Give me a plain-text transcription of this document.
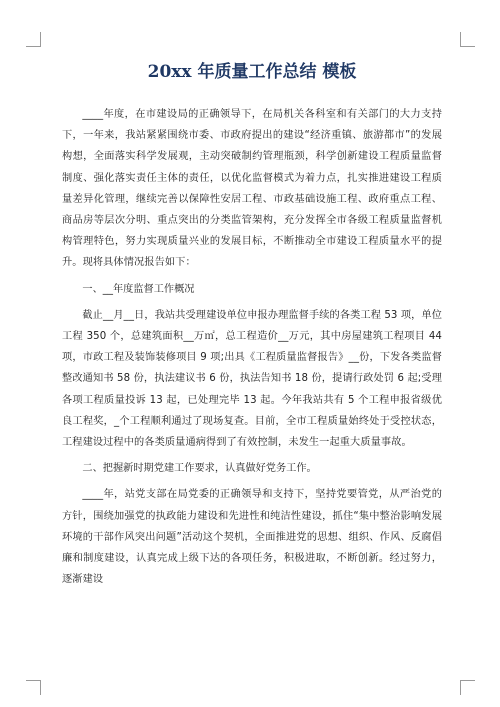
20xx 年质量工作总结 模板
____年度，在市建设局的正确领导下，在局机关各科室和有关部门的大力支持下，一年来，我站紧紧围绕市委、市政府提出的建设“经济重镇、旅游都市”的发展构想，全面落实科学发展观，主动突破制约管理瓶颈，科学创新建设工程质量监督制度、强化落实责任主体的责任，以优化监督模式为着力点，扎实推进建设工程质量差异化管理，继续完善以保障性安居工程、市政基础设施工程、政府重点工程、商品房等层次分明、重点突出的分类监管架构，充分发挥全市各级工程质量监督机构管理特色，努力实现质量兴业的发展目标，不断推动全市建设工程质量水平的提升。现将具体情况报告如下：
一、__年度监督工作概况
截止__月__日，我站共受理建设单位申报办理监督手续的各类工程 53 项，单位工程 350 个，总建筑面积__万㎡，总工程造价__万元，其中房屋建筑工程项目 44 项，市政工程及装饰装修项目 9 项;出具《工程质量监督报告》__份，下发各类监督整改通知书 58 份，执法建议书 6 份，执法告知书 18 份，提请行政处罚 6 起;受理各项工程质量投诉 13 起，已处理完毕 13 起。今年我站共有 5 个工程申报省级优良工程奖，_个工程顺利通过了现场复查。目前，全市工程质量始终处于受控状态，工程建设过程中的各类质量通病得到了有效控制，未发生一起重大质量事故。
二、把握新时期党建工作要求，认真做好党务工作。
____年，站党支部在局党委的正确领导和支持下，坚持党要管党，从严治党的方针，围绕加强党的执政能力建设和先进性和纯洁性建设，抓住“集中整治影响发展环境的干部作风突出问题”活动这个契机，全面推进党的思想、组织、作风、反腐倡廉和制度建设，认真完成上级下达的各项任务，积极进取，不断创新。经过努力，逐渐建设
